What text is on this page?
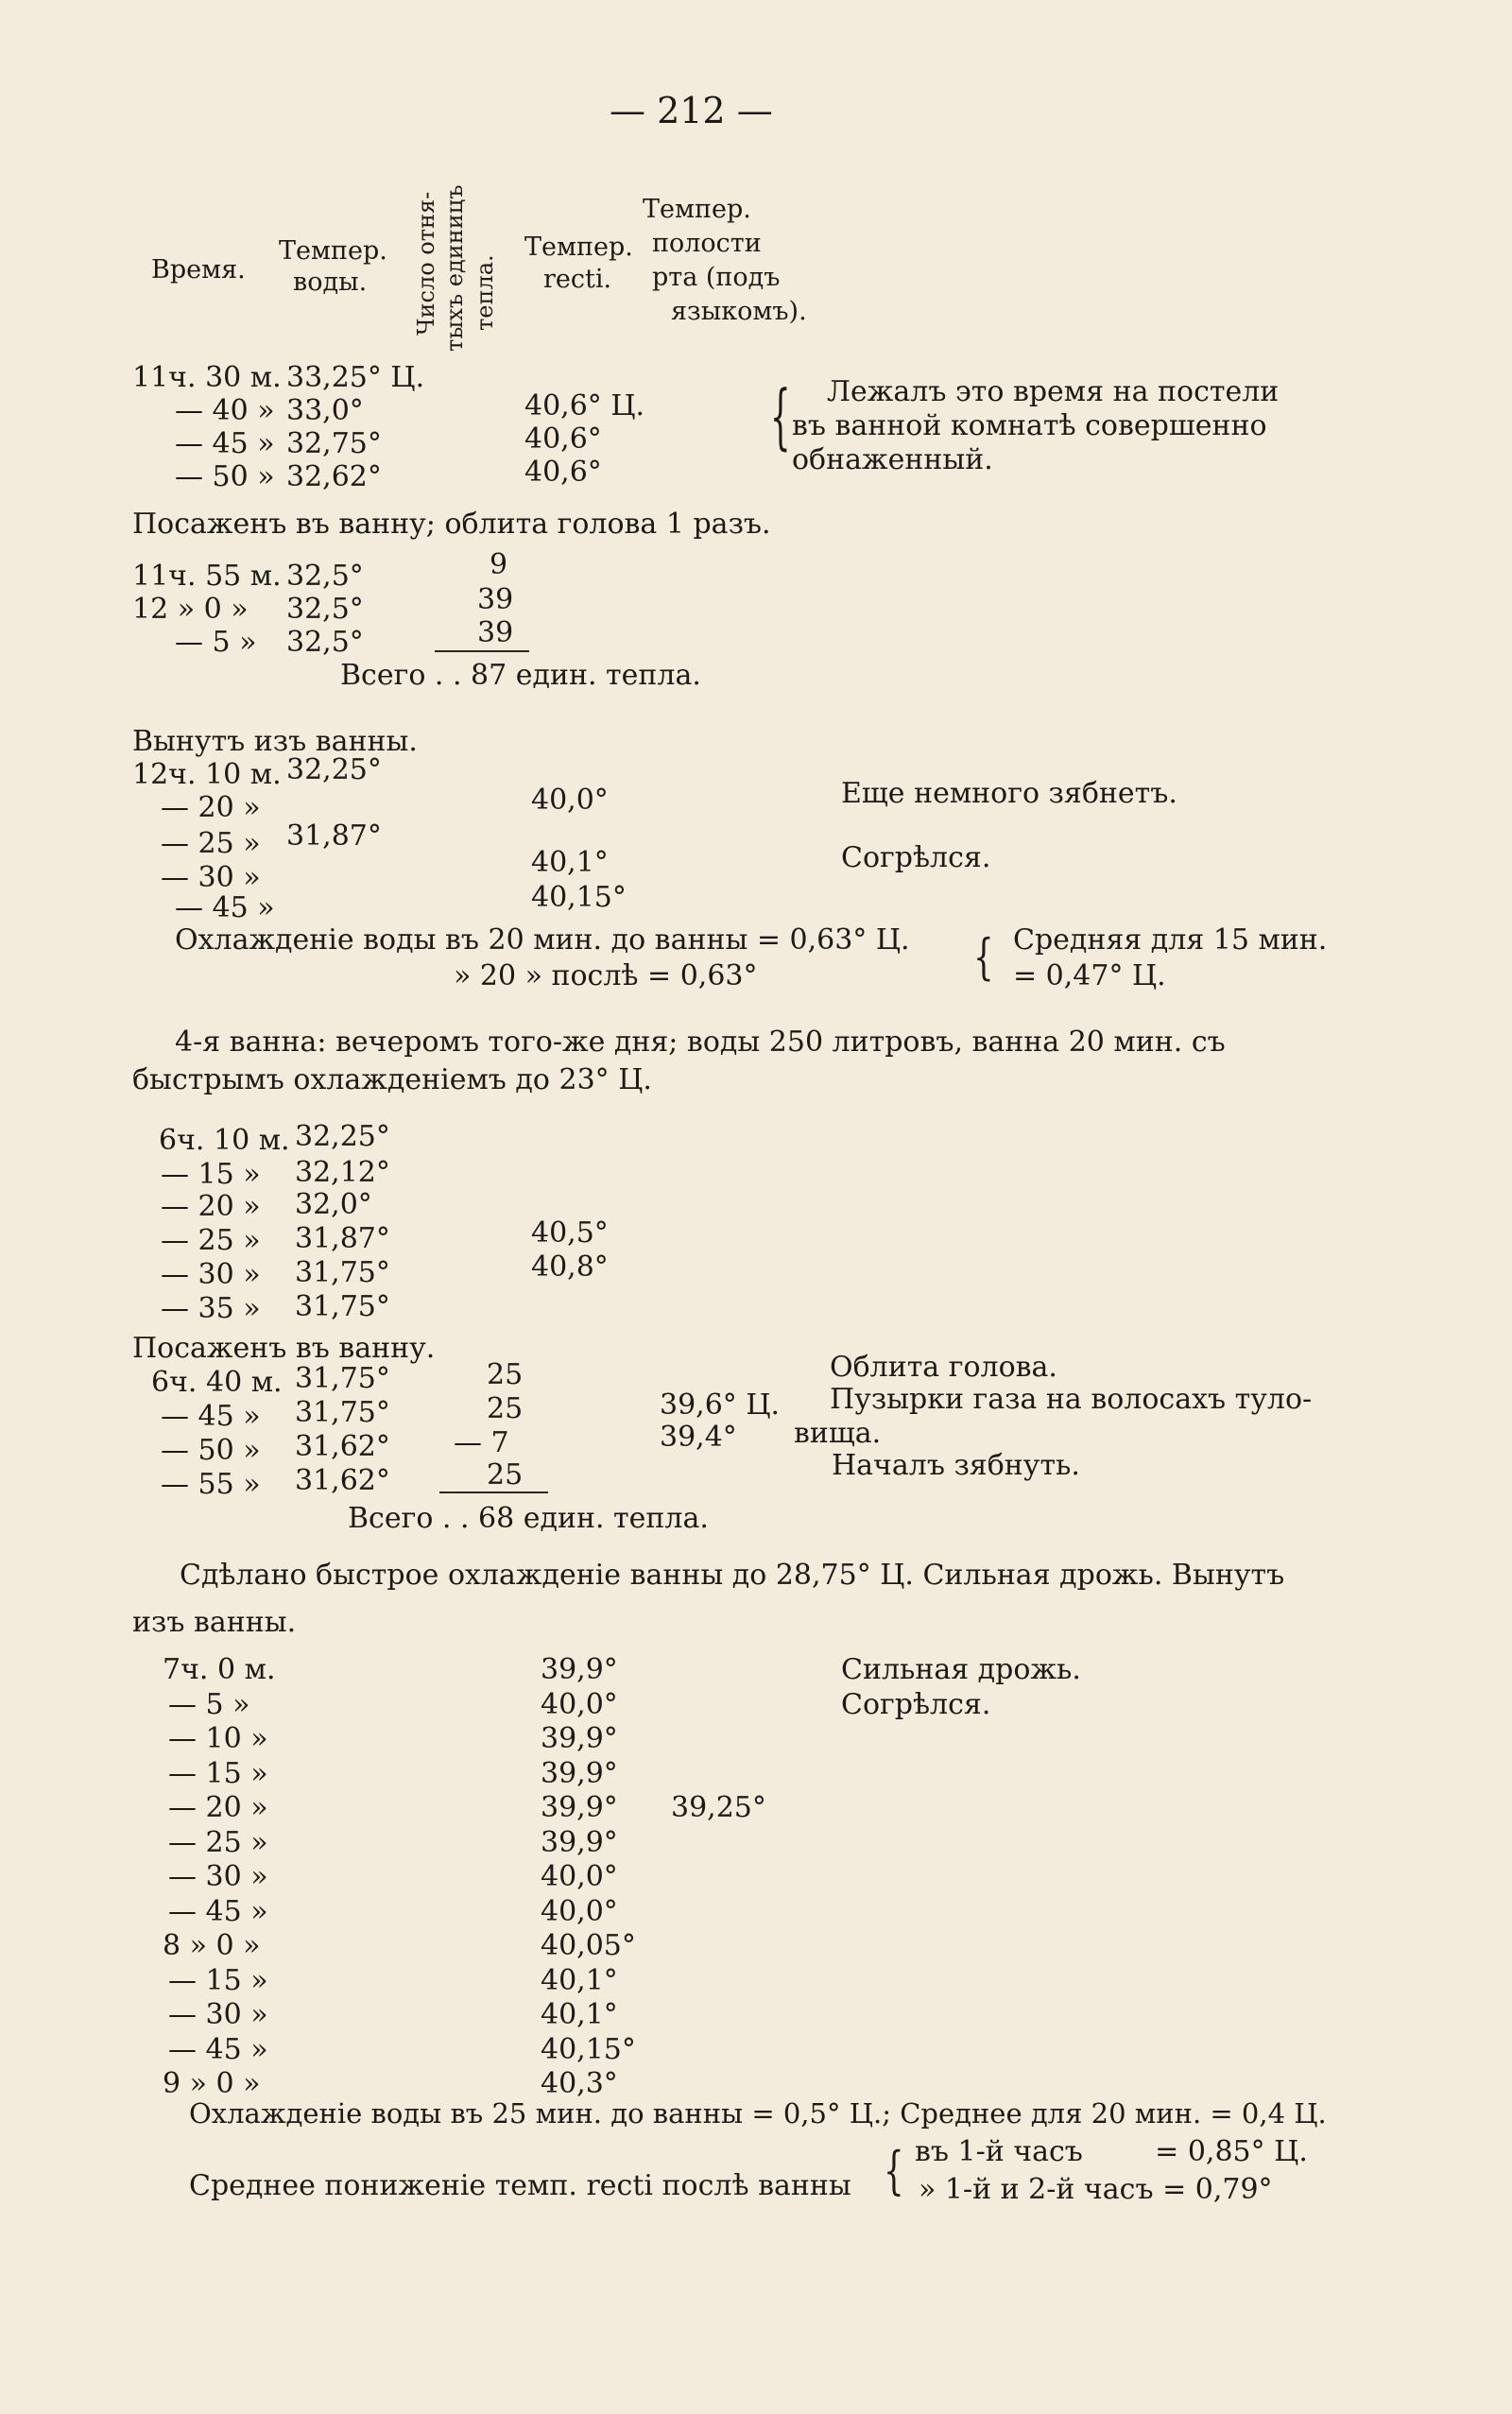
— 212 —
Время.
Темпер.
воды. Число отня- тыхъ единицъ тепла.
Темпер.
recti.
Темпер.
полости
рта (подъ
языкомъ).
11ч. 30 м. 33,25° Ц.
— 40 » 33,0°	40,6° Ц.
— 45 » 32,75°	40,6°
— 50 » 32,62°	40,6°
{ Лежалъ это время на постели
въ ванной комнатѣ совершенно
обнаженный.
Посаженъ въ ванну; облита голова 1 разъ.
11ч. 55 м. 32,5°	9
12 » 0 » 32,5°	39
— 5 » 32,5°	39
Всего . . 87 един. тепла.
Вынутъ изъ ванны.
12ч. 10 м. 32,25°
— 20 »	40,0°	Еще немного зябнетъ.
— 25 » 31,87°
— 30 »	40,1°	Согрѣлся.
— 45 »	40,15°
Охлажденіе воды въ 20 мин. до ванны = 0,63° Ц.
» 20 » послѣ = 0,63°	{ Средняя для 15 мин.
= 0,47° Ц.
4-я ванна: вечеромъ того-же дня; воды 250 литровъ, ванна 20 мин. съ
быстрымъ охлажденіемъ до 23° Ц.
6ч. 10 м. 32,25°
— 15 » 32,12°
— 20 » 32,0°
— 25 » 31,87°	40,5°
— 30 » 31,75°	40,8°
— 35 » 31,75°
Посаженъ въ ванну.
6ч. 40 м. 31,75°	25	Облита голова.
— 45 » 31,75°	25	39,6° Ц. Пузырки газа на волосахъ туло-
— 50 » 31,62° — 7	39,4° вища.
— 55 » 31,62°	25	Началъ зябнуть.
Всего . . 68 един. тепла.
Сдѣлано быстрое охлажденіе ванны до 28,75° Ц. Сильная дрожь. Вынутъ
изъ ванны.
7ч. 0 м.	39,9°	Сильная дрожь.
— 5 »	40,0°	Согрѣлся.
— 10 »	39,9°
— 15 »	39,9°
— 20 »	39,9° 39,25°
— 25 »	39,9°
— 30 »	40,0°
— 45 »	40,0°
8 » 0 »	40,05°
— 15 »	40,1°
— 30 »	40,1°
— 45 »	40,15°
9 » 0 »	40,3°
Охлажденіе воды въ 25 мин. до ванны = 0,5° Ц.; Среднее для 20 мин. = 0,4 Ц.
Среднее пониженіе темп. recti послѣ ванны { въ 1-й часъ        = 0,85° Ц.
» 1-й и 2-й часъ = 0,79°
